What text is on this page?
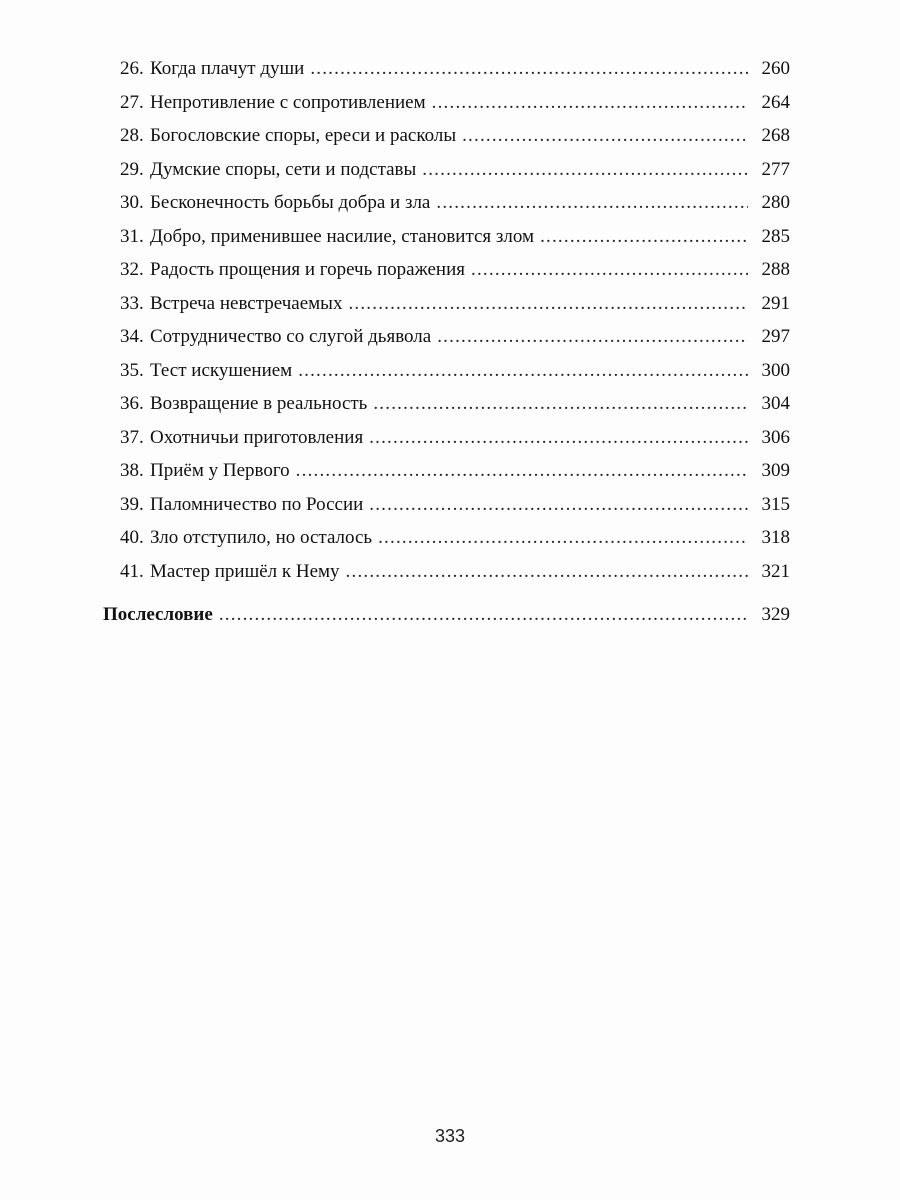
26. Когда плачут души .....	260
27. Непротивление с сопротивлением .....	264
28. Богословские споры, ереси и расколы .....	268
29. Думские споры, сети и подставы .....	277
30. Бесконечность борьбы добра и зла .....	280
31. Добро, применившее насилие, становится злом .....	285
32. Радость прощения и горечь поражения .....	288
33. Встреча невстречаемых .....	291
34. Сотрудничество со слугой дьявола .....	297
35. Тест искушением .....	300
36. Возвращение в реальность .....	304
37. Охотничьи приготовления .....	306
38. Приём у Первого .....	309
39. Паломничество по России .....	315
40. Зло отступило, но осталось .....	318
41. Мастер пришёл к Нему .....	321
Послесловие .....	329
333
